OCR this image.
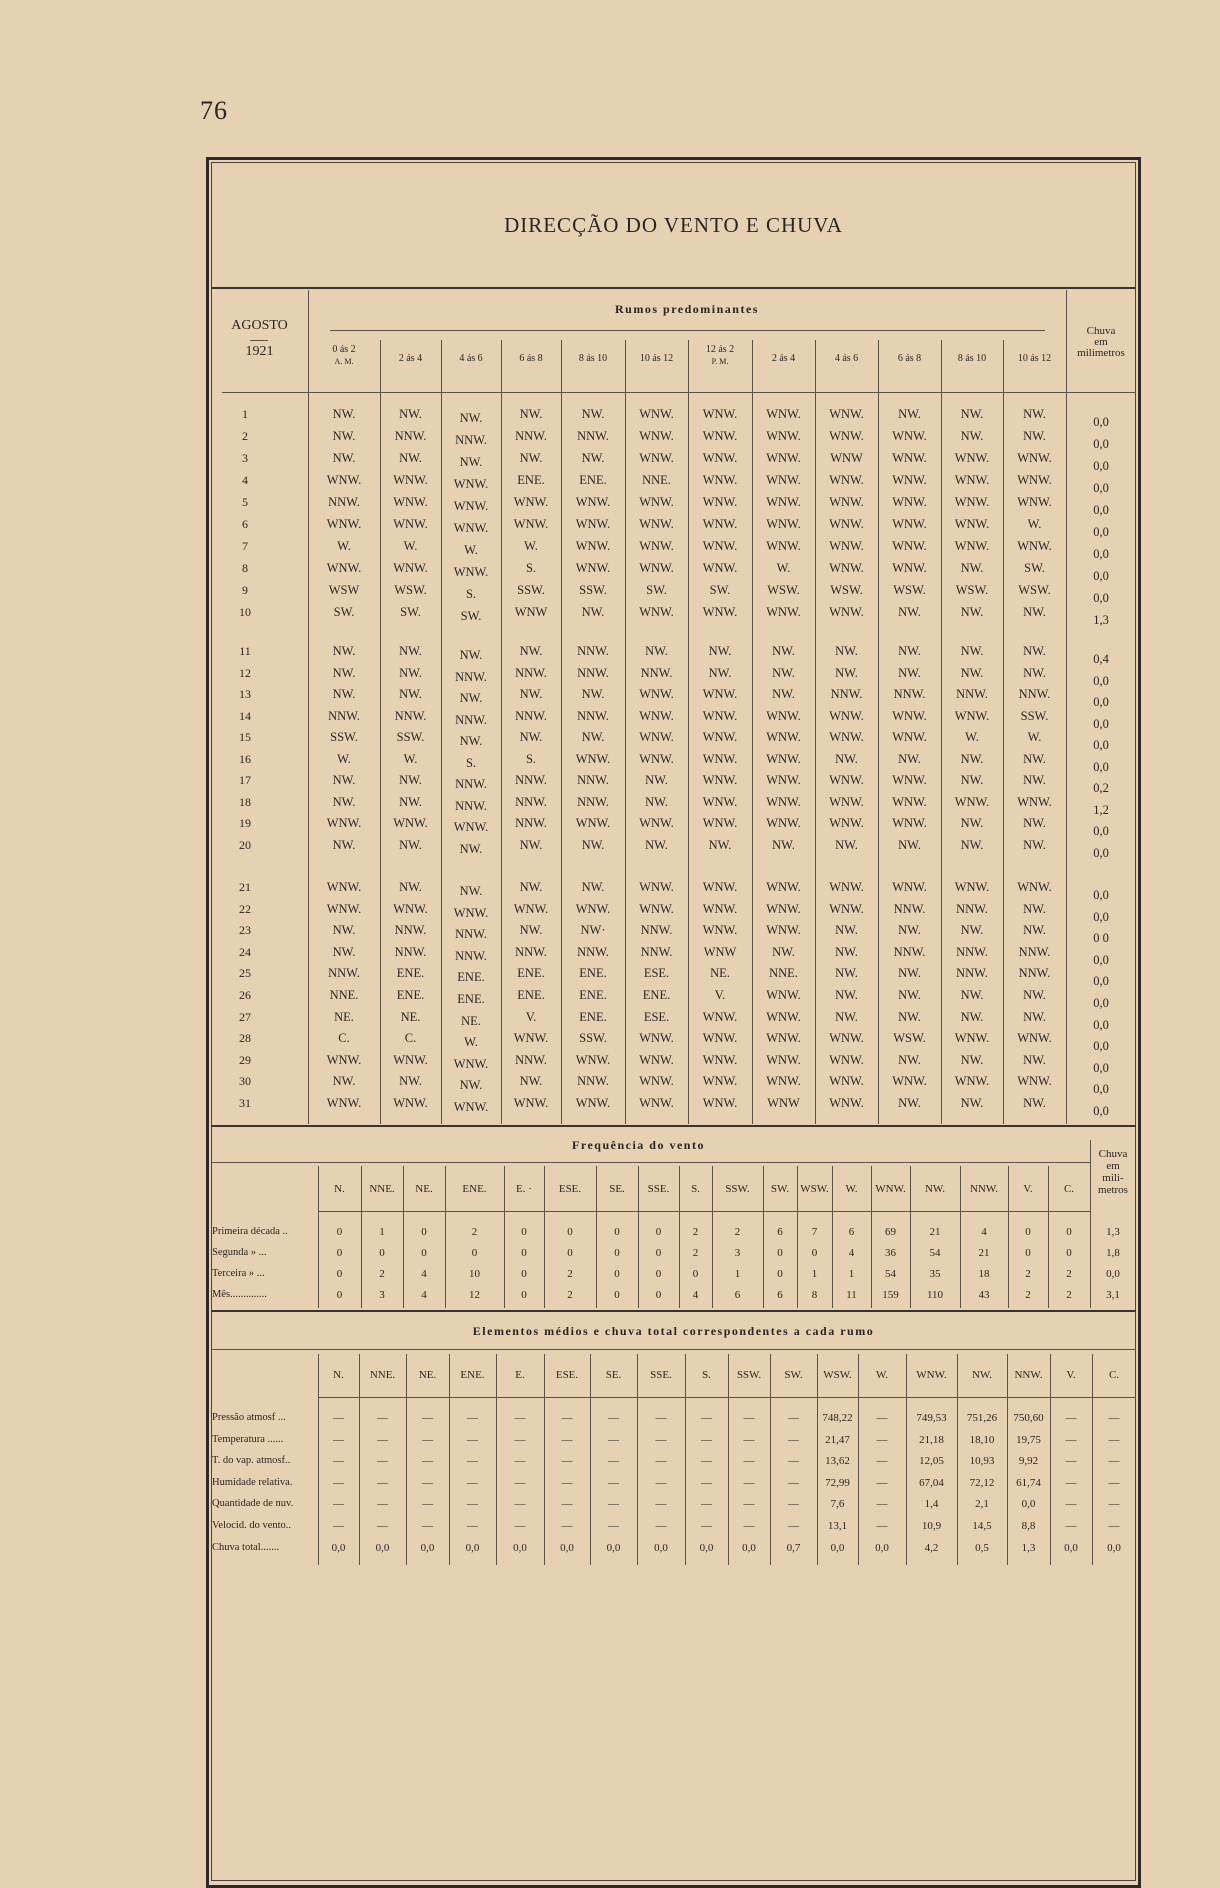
76
DIRECÇÃO DO VENTO E CHUVA
Rumos predominantes
AGOSTO
1921
Chuva
em
milimetros
0 ás 2
A. M.	2 ás 4	4 ás 6	6 ás 8	8 ás 10	10 ás 12
12 ás 2
P. M.	2 ás 4	4 ás 6	6 ás 8	8 ás 10	10 ás 12
1	NW.	NW.	NW.	NW.	NW.	WNW.	WNW.	WNW.	WNW.	NW.	NW.	NW.
0,0
2	NW.	NNW.	NNW.	NNW.	NNW.	WNW.	WNW.	WNW.	WNW.	WNW.	NW.	NW.
0,0
3	NW.	NW.	NW.	NW.	NW.	WNW.	WNW.	WNW.	WNW	WNW.	WNW.	WNW.
0,0
4	WNW.	WNW.	WNW.	ENE.	ENE.	NNE.	WNW.	WNW.	WNW.	WNW.	WNW.	WNW.
0,0
5	NNW.	WNW.	WNW.	WNW.	WNW.	WNW.	WNW.	WNW.	WNW.	WNW.	WNW.	WNW.
0,0
6	WNW.	WNW.	WNW.	WNW.	WNW.	WNW.	WNW.	WNW.	WNW.	WNW.	WNW.	W.
0,0
7	W.	W.	W.	W.	WNW.	WNW.	WNW.	WNW.	WNW.	WNW.	WNW.	WNW.
0,0
8	WNW.	WNW.	WNW.	S.	WNW.	WNW.	WNW.	W.	WNW.	WNW.	NW.	SW.
0,0
9	WSW	WSW.	S.	SSW.	SSW.	SW.	SW.	WSW.	WSW.	WSW.	WSW.	WSW.
0,0
10	SW.	SW.	SW.	WNW	NW.	WNW.	WNW.	WNW.	WNW.	NW.	NW.	NW.
1,3
11	NW.	NW.	NW.	NW.	NNW.	NW.	NW.	NW.	NW.	NW.	NW.	NW.
0,4
12	NW.	NW.	NNW.	NNW.	NNW.	NNW.	NW.	NW.	NW.	NW.	NW.	NW.
0,0
13	NW.	NW.	NW.	NW.	NW.	WNW.	WNW.	NW.	NNW.	NNW.	NNW.	NNW.
0,0
14	NNW.	NNW.	NNW.	NNW.	NNW.	WNW.	WNW.	WNW.	WNW.	WNW.	WNW.	SSW.
0,0
15	SSW.	SSW.	NW.	NW.	NW.	WNW.	WNW.	WNW.	WNW.	WNW.	W.	W.
0,0
16	W.	W.	S.	S.	WNW.	WNW.	WNW.	WNW.	NW.	NW.	NW.	NW.
0,0
17	NW.	NW.	NNW.	NNW.	NNW.	NW.	WNW.	WNW.	WNW.	WNW.	NW.	NW.
0,2
18	NW.	NW.	NNW.	NNW.	NNW.	NW.	WNW.	WNW.	WNW.	WNW.	WNW.	WNW.
1,2
19	WNW.	WNW.	WNW.	NNW.	WNW.	WNW.	WNW.	WNW.	WNW.	WNW.	NW.	NW.
0,0
20	NW.	NW.	NW.	NW.	NW.	NW.	NW.	NW.	NW.	NW.	NW.	NW.
0,0
21	WNW.	NW.	NW.	NW.	NW.	WNW.	WNW.	WNW.	WNW.	WNW.	WNW.	WNW.
0,0
22	WNW.	WNW.	WNW.	WNW.	WNW.	WNW.	WNW.	WNW.	WNW.	NNW.	NNW.	NW.
0,0
23	NW.	NNW.	NNW.	NW.	NW·	NNW.	WNW.	WNW.	NW.	NW.	NW.	NW.
0 0
24	NW.	NNW.	NNW.	NNW.	NNW.	NNW.	WNW	NW.	NW.	NNW.	NNW.	NNW.
0,0
25	NNW.	ENE.	ENE.	ENE.	ENE.	ESE.	NE.	NNE.	NW.	NW.	NNW.	NNW.
0,0
26	NNE.	ENE.	ENE.	ENE.	ENE.	ENE.	V.	WNW.	NW.	NW.	NW.	NW.
0,0
27	NE.	NE.	NE.	V.	ENE.	ESE.	WNW.	WNW.	NW.	NW.	NW.	NW.
0,0
28	C.	C.	W.	WNW.	SSW.	WNW.	WNW.	WNW.	WNW.	WSW.	WNW.	WNW.
0,0
29	WNW.	WNW.	WNW.	NNW.	WNW.	WNW.	WNW.	WNW.	WNW.	NW.	NW.	NW.
0,0
30	NW.	NW.	NW.	NW.	NNW.	WNW.	WNW.	WNW.	WNW.	WNW.	WNW.	WNW.
0,0
31	WNW.	WNW.	WNW.	WNW.	WNW.	WNW.	WNW.	WNW	WNW.	NW.	NW.	NW.
0,0
Frequência do vento
Chuva
em
mili-
metros
N.	NNE.	NE.	ENE.	E. ·	ESE.	SE.	SSE.	S.	SSW.	SW.	WSW.	W.	WNW.	NW.	NNW.	V.	C.
Primeira década ..	0	1	0	2	0	0	0	0	2	2	6	7	6	69	21	4	0	0	1,3
Segunda » ...	0	0	0	0	0	0	0	0	2	3	0	0	4	36	54	21	0	0	1,8
Terceira » ...	0	2	4	10	0	2	0	0	0	1	0	1	1	54	35	18	2	2	0,0
Mês..............	0	3	4	12	0	2	0	0	4	6	6	8	11	159	110	43	2	2	3,1
Elementos médios e chuva total correspondentes a cada rumo
N.	NNE.	NE.	ENE.	E.	ESE.	SE.	SSE.	S.	SSW.	SW.	WSW.	W.	WNW.	NW.	NNW.	V.	C.
Pressão atmosf ...	—	—	—	—	—	—	—	—	—	—	—	748,22	—	749,53	751,26	750,60	—	—
Temperatura ......	—	—	—	—	—	—	—	—	—	—	—	21,47	—	21,18	18,10	19,75	—	—
T. do vap. atmosf..	—	—	—	—	—	—	—	—	—	—	—	13,62	—	12,05	10,93	9,92	—	—
Humidade relativa.	—	—	—	—	—	—	—	—	—	—	—	72,99	—	67,04	72,12	61,74	—	—
Quantidade de nuv.	—	—	—	—	—	—	—	—	—	—	—	7,6	—	1,4	2,1	0,0	—	—
Velocid. do vento..	—	—	—	—	—	—	—	—	—	—	—	13,1	—	10,9	14,5	8,8	—	—
Chuva total.......	0,0	0,0	0,0	0,0	0,0	0,0	0,0	0,0	0,0	0,0	0,7	0,0	0,0	4,2	0,5	1,3	0,0	0,0
